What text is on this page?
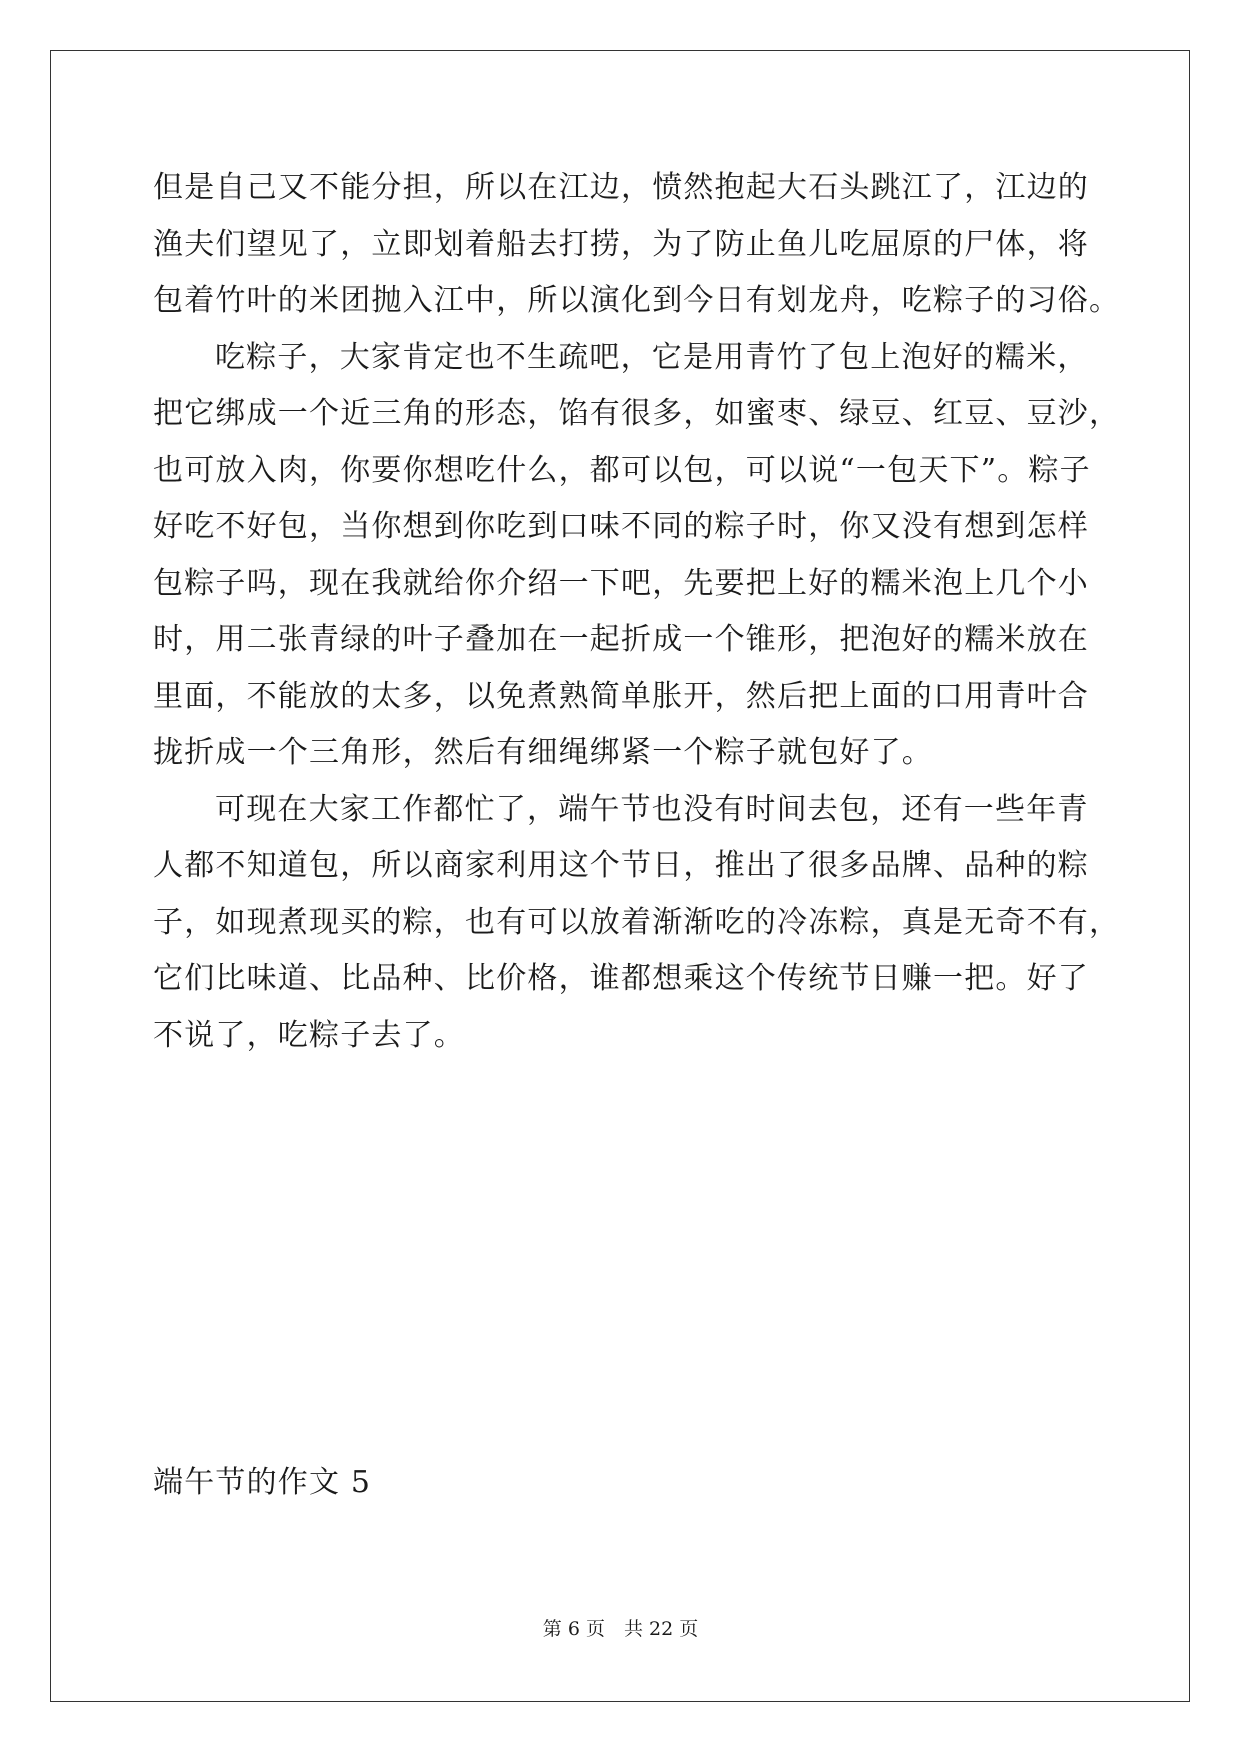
但是自己又不能分担，所以在江边，愤然抱起大石头跳江了，江边的
渔夫们望见了，立即划着船去打捞，为了防止鱼儿吃屈原的尸体，将
包着竹叶的米团抛入江中，所以演化到今日有划龙舟，吃粽子的习俗。
吃粽子，大家肯定也不生疏吧，它是用青竹了包上泡好的糯米，
把它绑成一个近三角的形态，馅有很多，如蜜枣、绿豆、红豆、豆沙，
也可放入肉，你要你想吃什么，都可以包，可以说“一包天下”。粽子
好吃不好包，当你想到你吃到口味不同的粽子时，你又没有想到怎样
包粽子吗，现在我就给你介绍一下吧，先要把上好的糯米泡上几个小
时，用二张青绿的叶子叠加在一起折成一个锥形，把泡好的糯米放在
里面，不能放的太多，以免煮熟简单胀开，然后把上面的口用青叶合
拢折成一个三角形，然后有细绳绑紧一个粽子就包好了。
可现在大家工作都忙了，端午节也没有时间去包，还有一些年青
人都不知道包，所以商家利用这个节日，推出了很多品牌、品种的粽
子，如现煮现买的粽，也有可以放着渐渐吃的冷冻粽，真是无奇不有，
它们比味道、比品种、比价格，谁都想乘这个传统节日赚一把。好了
不说了，吃粽子去了。
端午节的作文 5
第 6 页　共 22 页
